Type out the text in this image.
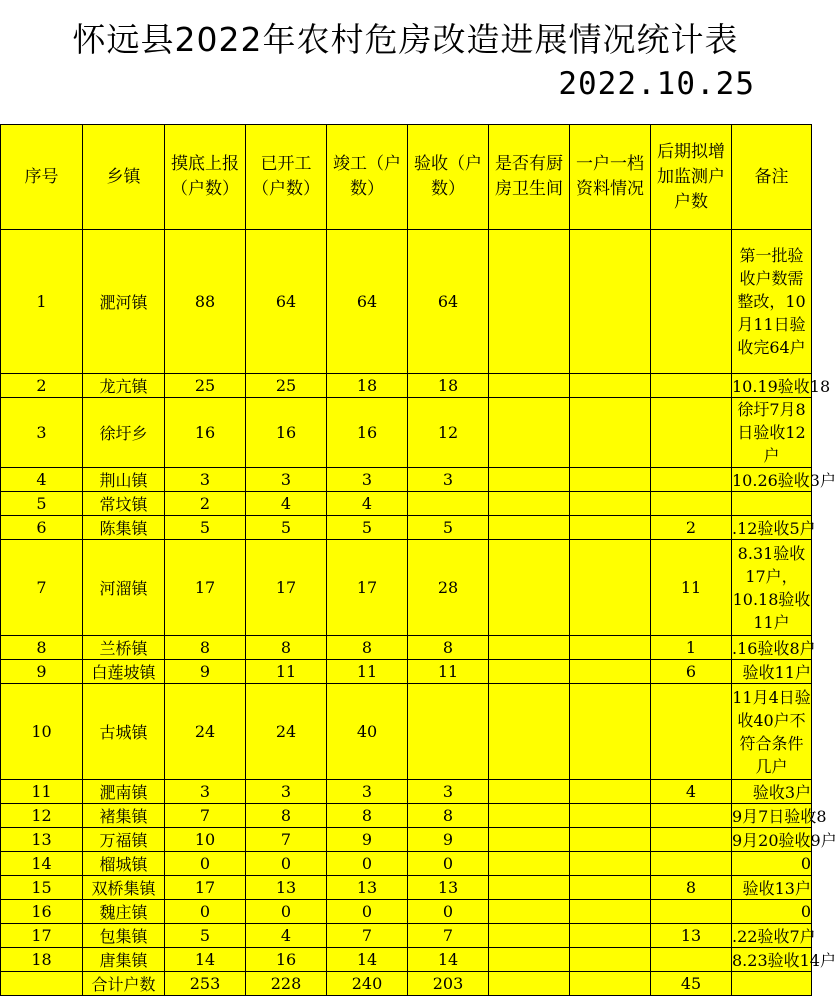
怀远县2022年农村危房改造进展情况统计表
2022.10.25
序号	乡镇	摸底上报（户数）	已开工（户数）	竣工（户数）	验收（户数）	是否有厨房卫生间	一户一档资料情况	后期拟增加监测户户数	备注
1	淝河镇	88	64	64	64				第一批验收户数需整改，10月11日验收完64户
2	龙亢镇	25	25	18	18				10.19验收18
3	徐圩乡	16	16	16	12				徐圩7月8日验收12户
4	荆山镇	3	3	3	3				10.26验收3户
5	常坟镇	2	4	4					
6	陈集镇	5	5	5	5			2	.12验收5户
7	河溜镇	17	17	17	28			11	8.31验收17户，10.18验收11户
8	兰桥镇	8	8	8	8			1	.16验收8户
9	白莲坡镇	9	11	11	11			6	验收11户
10	古城镇	24	24	40					11月4日验收40户不符合条件几户
11	淝南镇	3	3	3	3			4	验收3户
12	褚集镇	7	8	8	8				9月7日验收8
13	万福镇	10	7	9	9				9月20验收9户
14	榴城镇	0	0	0	0				0
15	双桥集镇	17	13	13	13			8	验收13户
16	魏庄镇	0	0	0	0				0
17	包集镇	5	4	7	7			13	.22验收7户
18	唐集镇	14	16	14	14				8.23验收14户
	合计户数	253	228	240	203			45	
